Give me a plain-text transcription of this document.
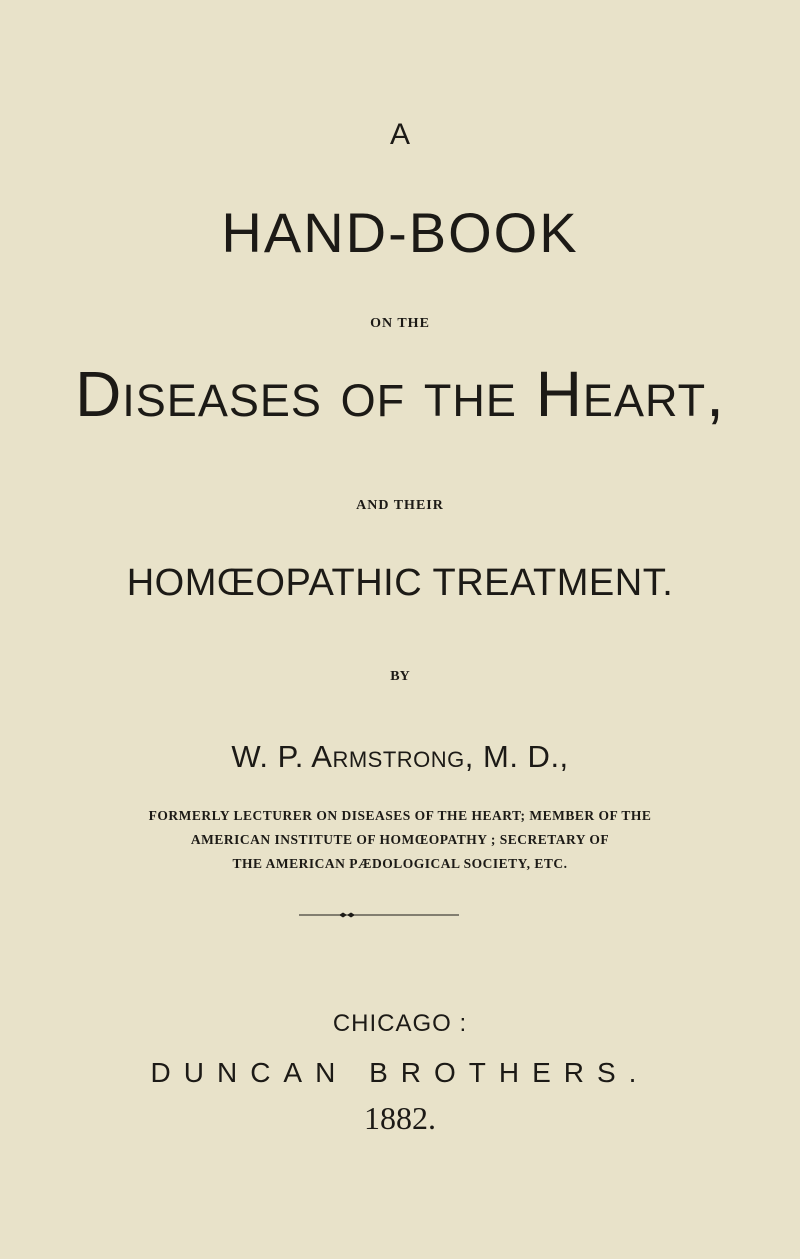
A
HAND-BOOK
ON THE
Diseases of the Heart,
AND THEIR
HOMŒOPATHIC TREATMENT.
BY
W. P. Armstrong, M. D.,
FORMERLY LECTURER ON DISEASES OF THE HEART; MEMBER OF THE
AMERICAN INSTITUTE OF HOMŒOPATHY ; SECRETARY OF
THE AMERICAN PÆDOLOGICAL SOCIETY, ETC.
CHICAGO :
DUNCAN BROTHERS.
1882.
